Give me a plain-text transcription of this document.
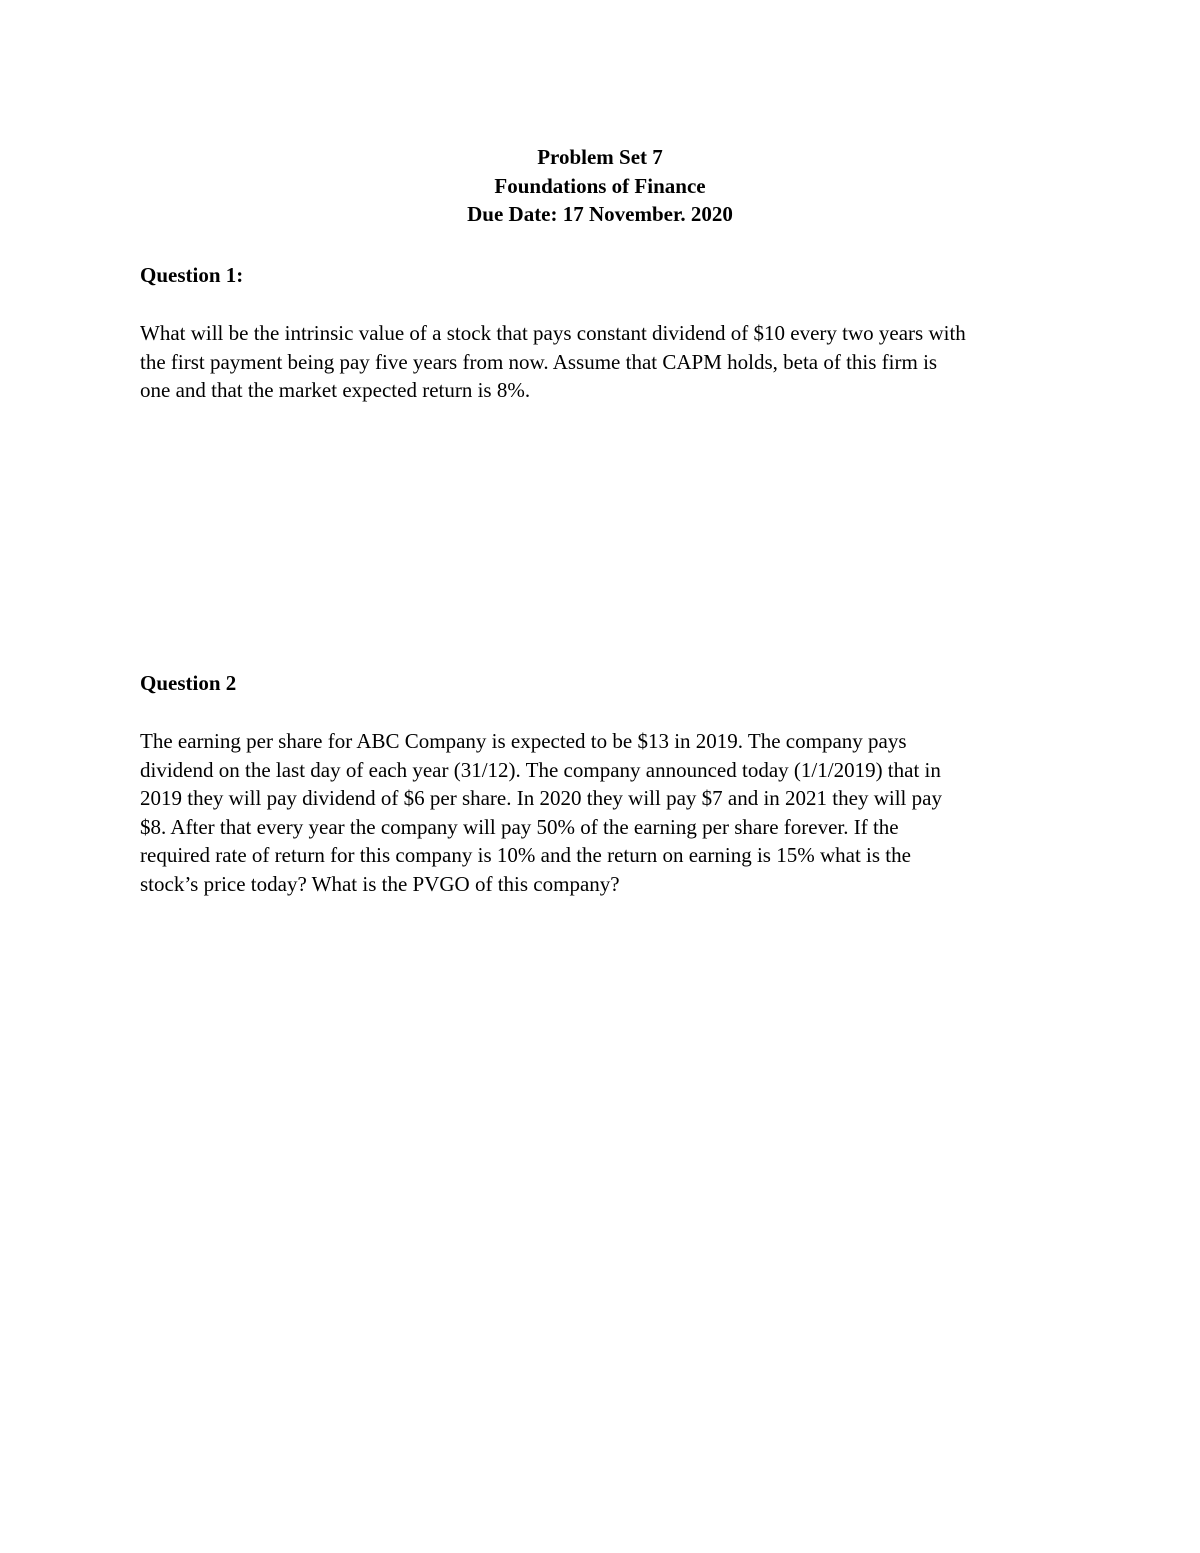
Problem Set 7
Foundations of Finance
Due Date: 17 November. 2020
Question 1:
What will be the intrinsic value of a stock that pays constant dividend of $10 every two years with
the first payment being pay five years from now. Assume that CAPM holds, beta of this firm is
one and that the market expected return is 8%.
Question 2
The earning per share for ABC Company is expected to be $13 in 2019. The company pays
dividend on the last day of each year (31/12). The company announced today (1/1/2019) that in
2019 they will pay dividend of $6 per share. In 2020 they will pay $7 and in 2021 they will pay
$8. After that every year the company will pay 50% of the earning per share forever. If the
required rate of return for this company is 10% and the return on earning is 15% what is the
stock’s price today? What is the PVGO of this company?
